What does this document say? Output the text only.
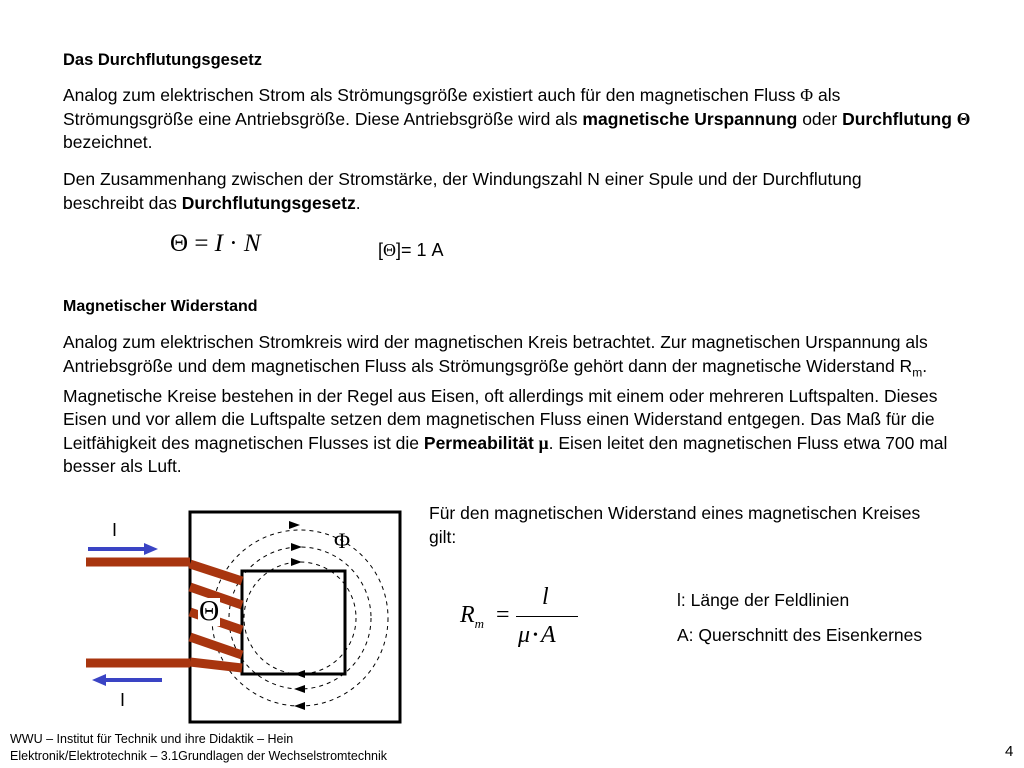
Das Durchflutungsgesetz
Analog zum elektrischen Strom als Strömungsgröße existiert auch für den magnetischen Fluss Φ als Strömungsgröße eine Antriebsgröße. Diese Antriebsgröße wird als magnetische Urspannung oder Durchflutung Θ bezeichnet.
Den Zusammenhang zwischen der Stromstärke, der Windungszahl N einer Spule und der Durchflutung beschreibt das Durchflutungsgesetz.
Θ = I · N	[Θ]= 1 A
Magnetischer Widerstand
Analog zum elektrischen Stromkreis wird der magnetischen Kreis betrachtet. Zur magnetischen Urspannung als Antriebsgröße und dem magnetischen Fluss als Strömungsgröße gehört dann der magnetische Widerstand $R_m$. Magnetische Kreise bestehen in der Regel aus Eisen, oft allerdings mit einem oder mehreren Luftspalten. Dieses Eisen und vor allem die Luftspalte setzen dem magnetischen Fluss einen Widerstand entgegen. Das Maß für die Leitfähigkeit des magnetischen Flusses ist die Permeabilität μ. Eisen leitet den magnetischen Fluss etwa 700 mal besser als Luft.
I
I
Φ
Θ
Für den magnetischen Widerstand eines magnetischen Kreises gilt:
$R_m$ =
l
μ • A
l: Länge der Feldlinien
A: Querschnitt des Eisenkernes
WWU – Institut für Technik und ihre Didaktik – Hein
Elektronik/Elektrotechnik – 3.1Grundlagen der Wechselstromtechnik	4
